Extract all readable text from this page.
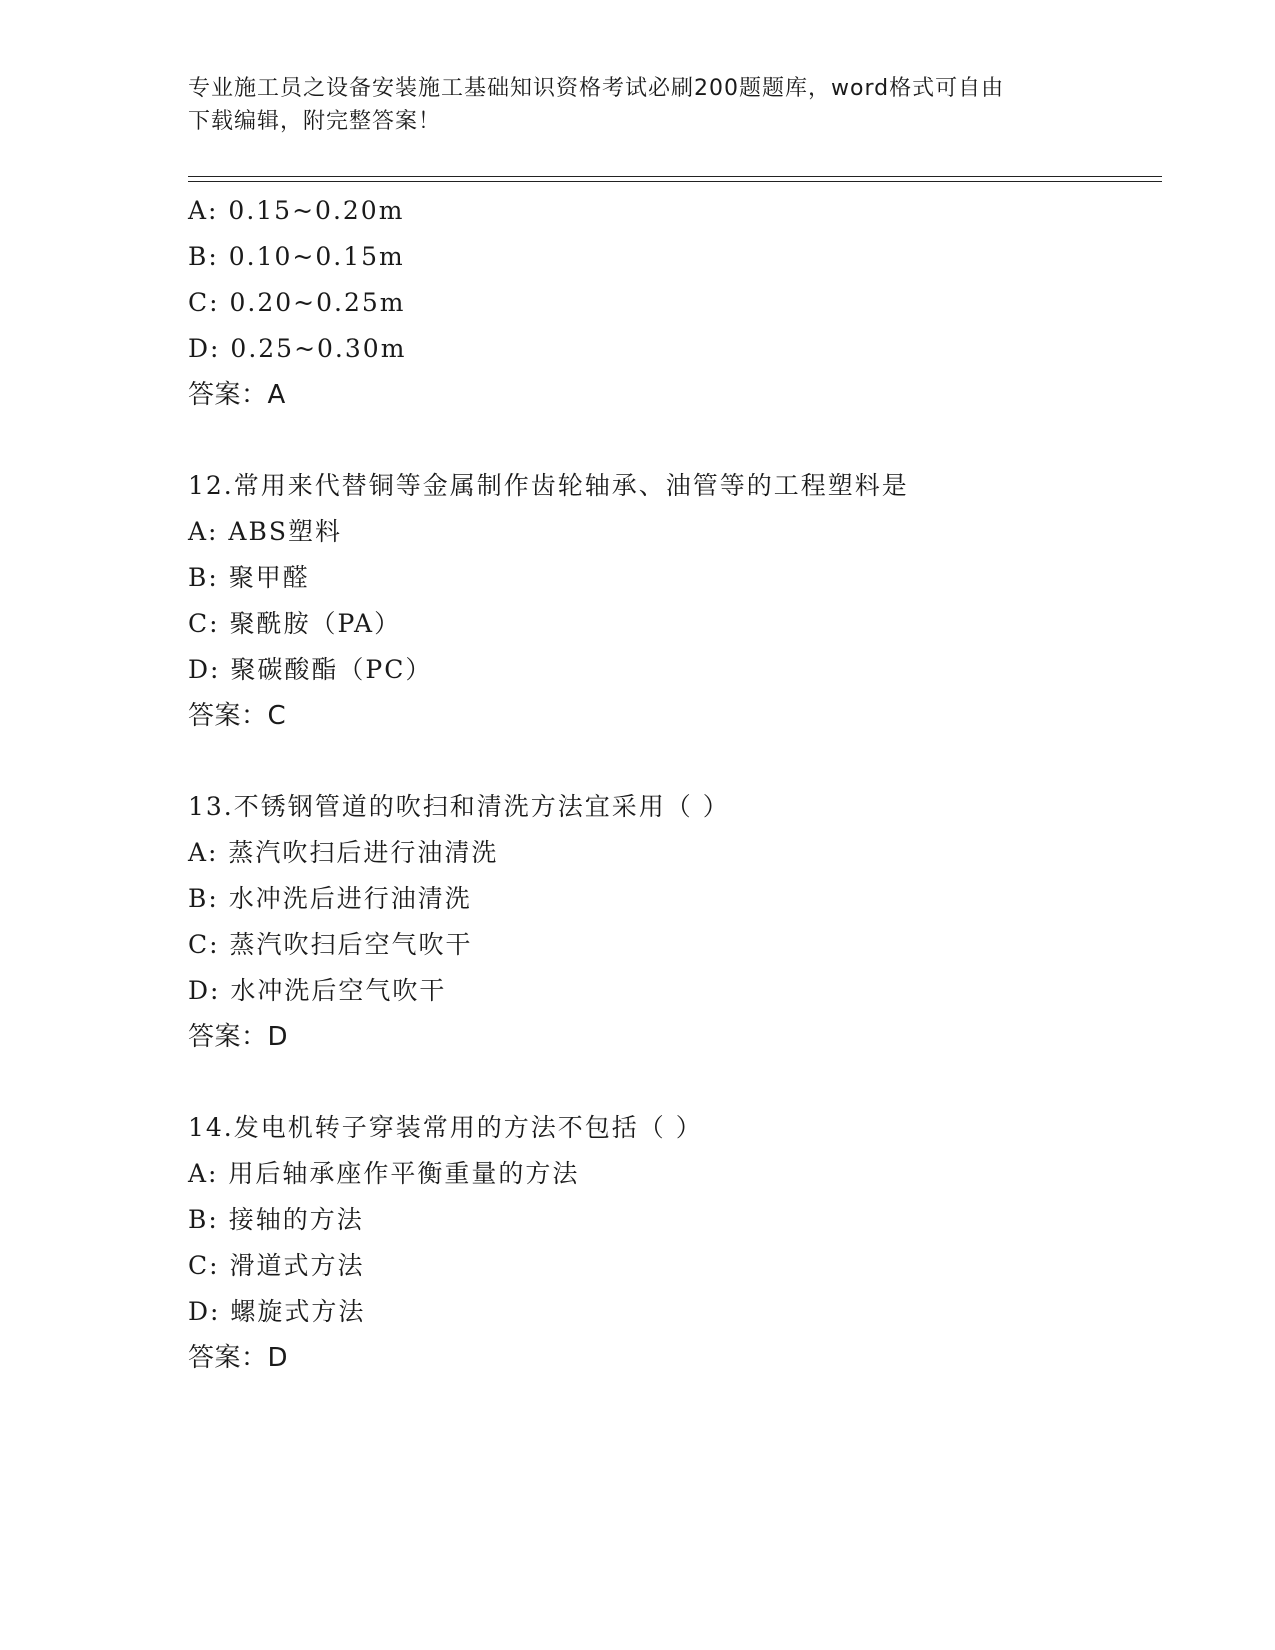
专业施工员之设备安装施工基础知识资格考试必刷200题题库，word格式可自由
下载编辑，附完整答案！
A: 0.15~0.20m
B: 0.10~0.15m
C: 0.20~0.25m
D: 0.25~0.30m
答案：A
12.常用来代替铜等金属制作齿轮轴承、油管等的工程塑料是
A: ABS塑料
B: 聚甲醛
C: 聚酰胺（PA）
D: 聚碳酸酯（PC）
答案：C
13.不锈钢管道的吹扫和清洗方法宜采用（ ）
A: 蒸汽吹扫后进行油清洗
B: 水冲洗后进行油清洗
C: 蒸汽吹扫后空气吹干
D: 水冲洗后空气吹干
答案：D
14.发电机转子穿装常用的方法不包括（ ）
A: 用后轴承座作平衡重量的方法
B: 接轴的方法
C: 滑道式方法
D: 螺旋式方法
答案：D
